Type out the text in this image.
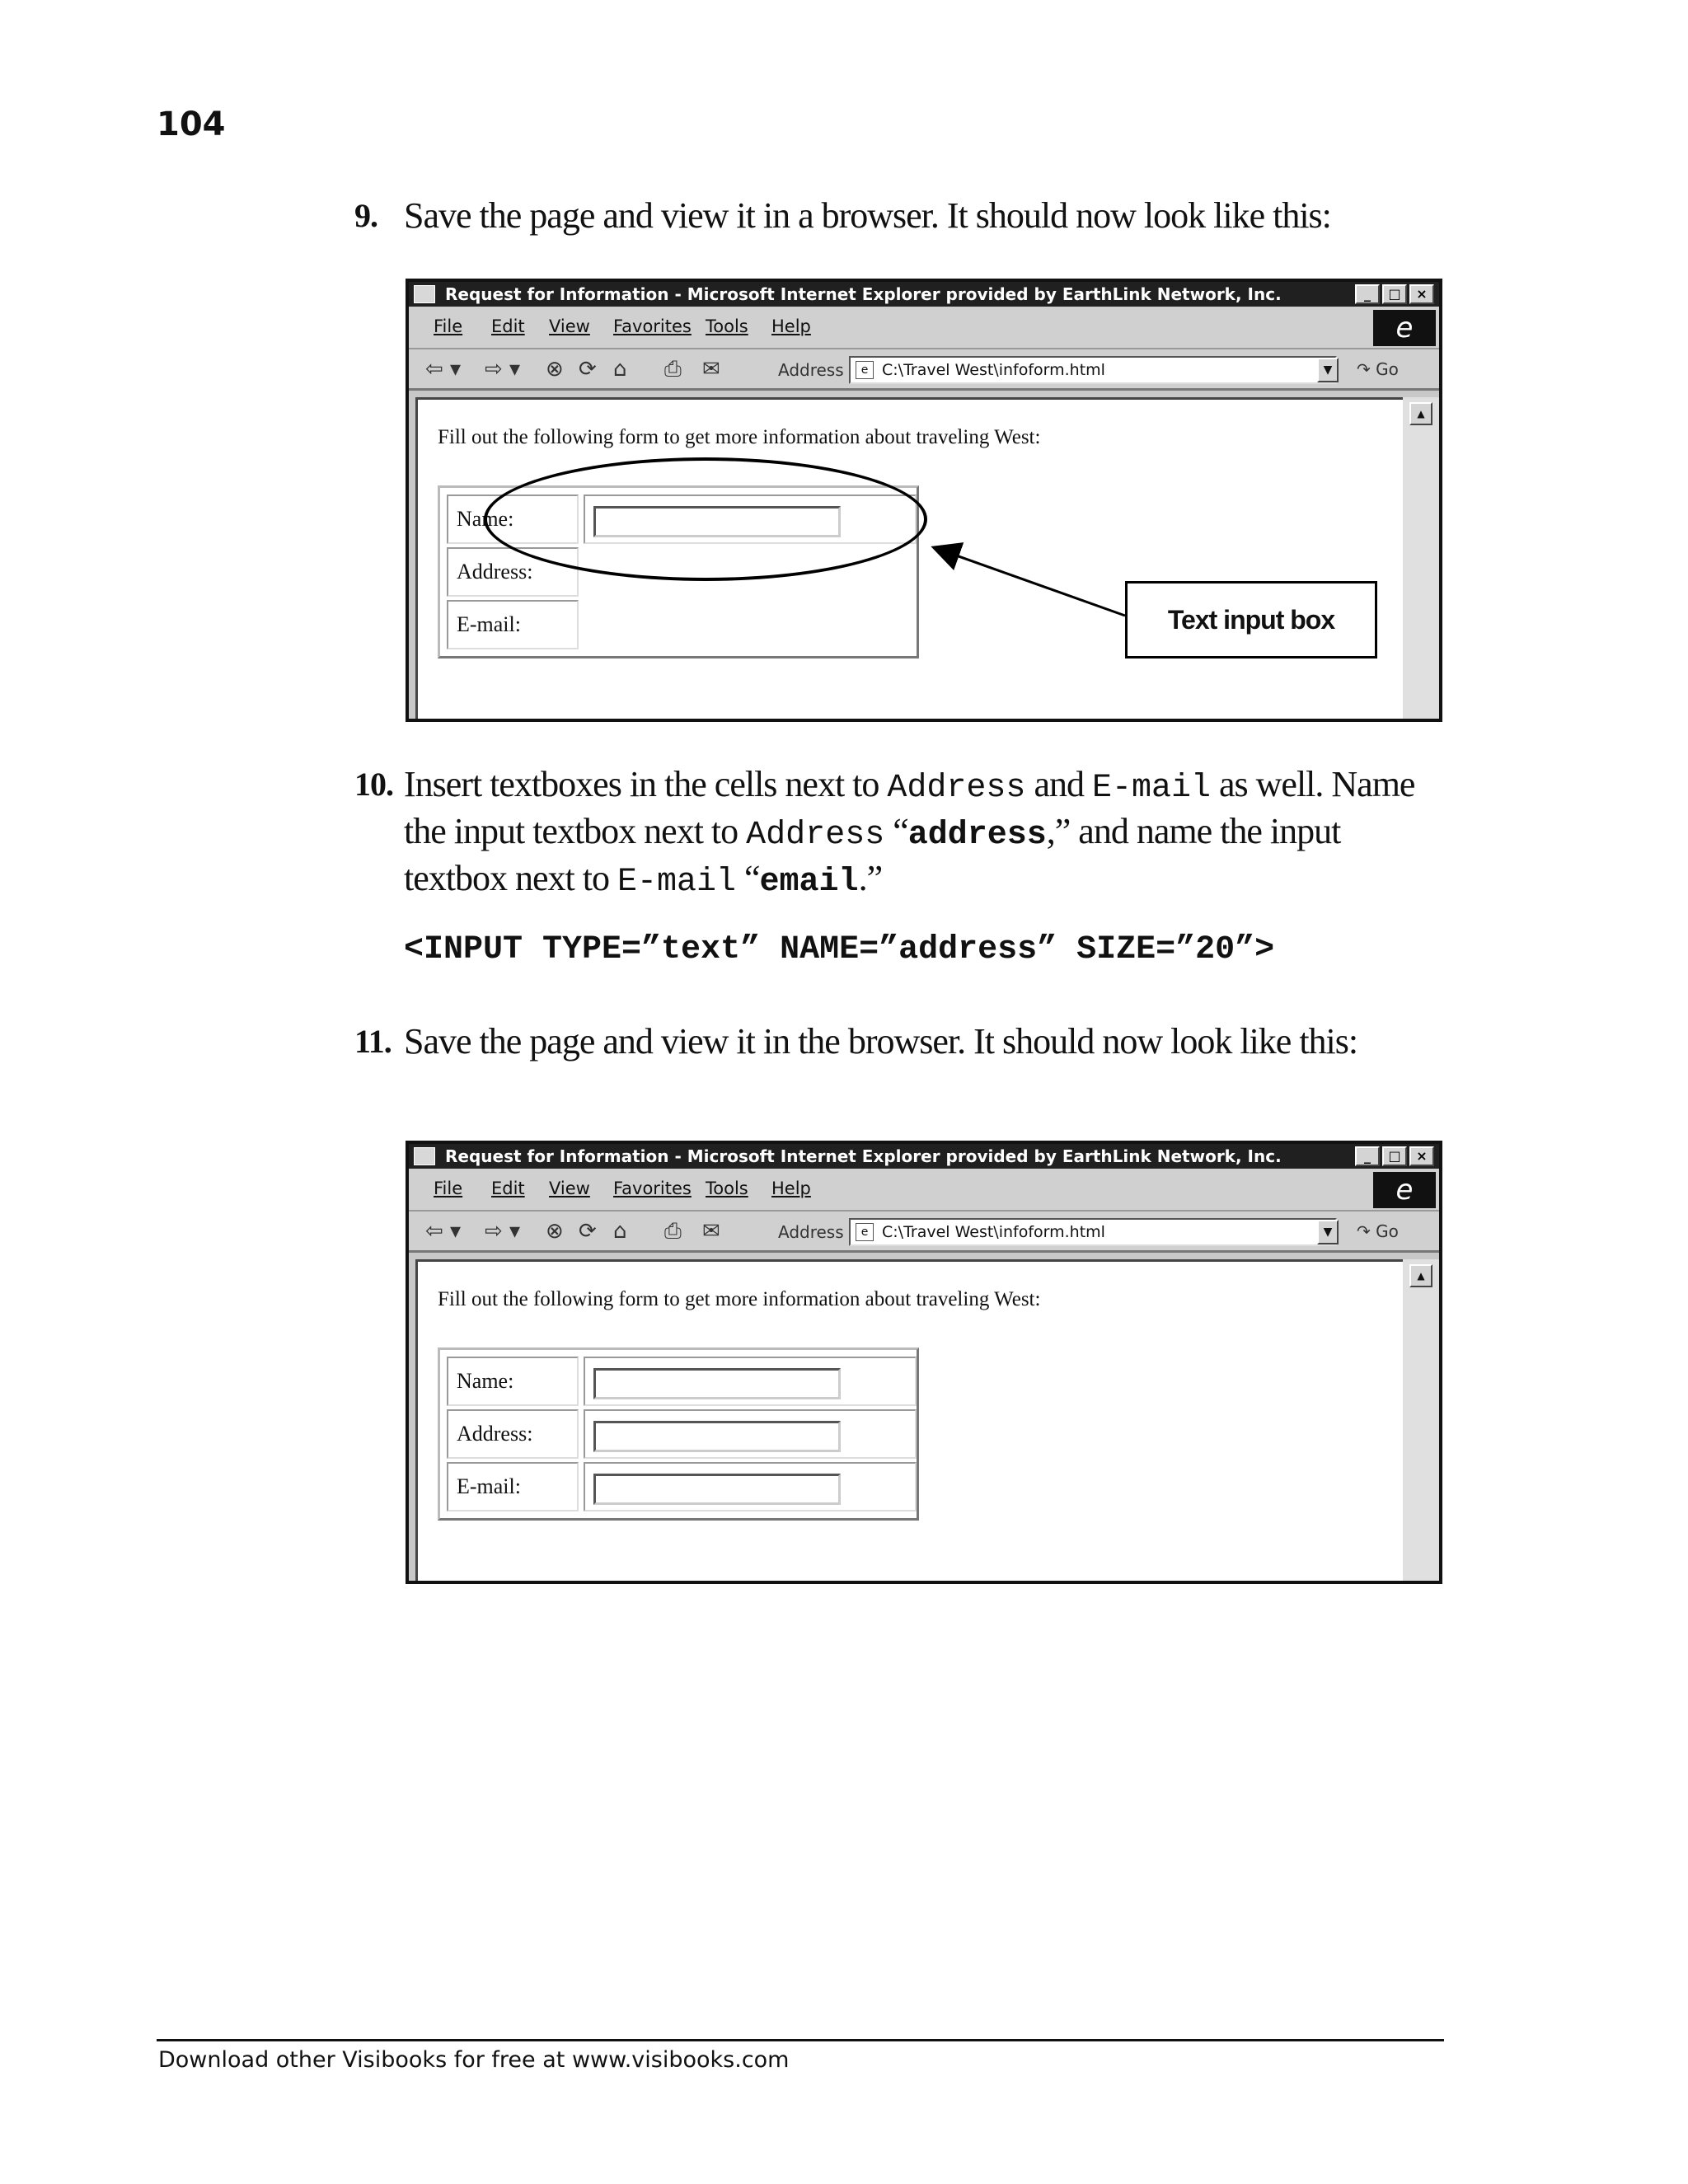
104
9. Save the page and view it in a browser. It should now look like this:
Request for Information - Microsoft Internet Explorer provided by EarthLink Network, Inc.	_	□	×
File Edit View Favorites Tools Help	e
⇦ ▾ ⇨ ▾ ⊗ ⟳ ⌂ ⎙ ✉	Address	e C:\Travel West\infoform.html	▼	↷ Go
Fill out the following form to get more information about traveling West:
Name:
Address:
E-mail:	Text input box
▲
10. Insert textboxes in the cells next to Address and E-mail as well. Name the input textbox next to Address “address,” and name the input textbox next to E-mail “email.”
<INPUT TYPE=”text” NAME=”address” SIZE=”20”>
11. Save the page and view it in the browser. It should now look like this:
Request for Information - Microsoft Internet Explorer provided by EarthLink Network, Inc.	_	□	×
File Edit View Favorites Tools Help	e
⇦ ▾ ⇨ ▾ ⊗ ⟳ ⌂ ⎙ ✉	Address	e C:\Travel West\infoform.html	▼	↷ Go
Fill out the following form to get more information about traveling West:
Name:
Address:
E-mail:
▲
Download other Visibooks for free at www.visibooks.com
